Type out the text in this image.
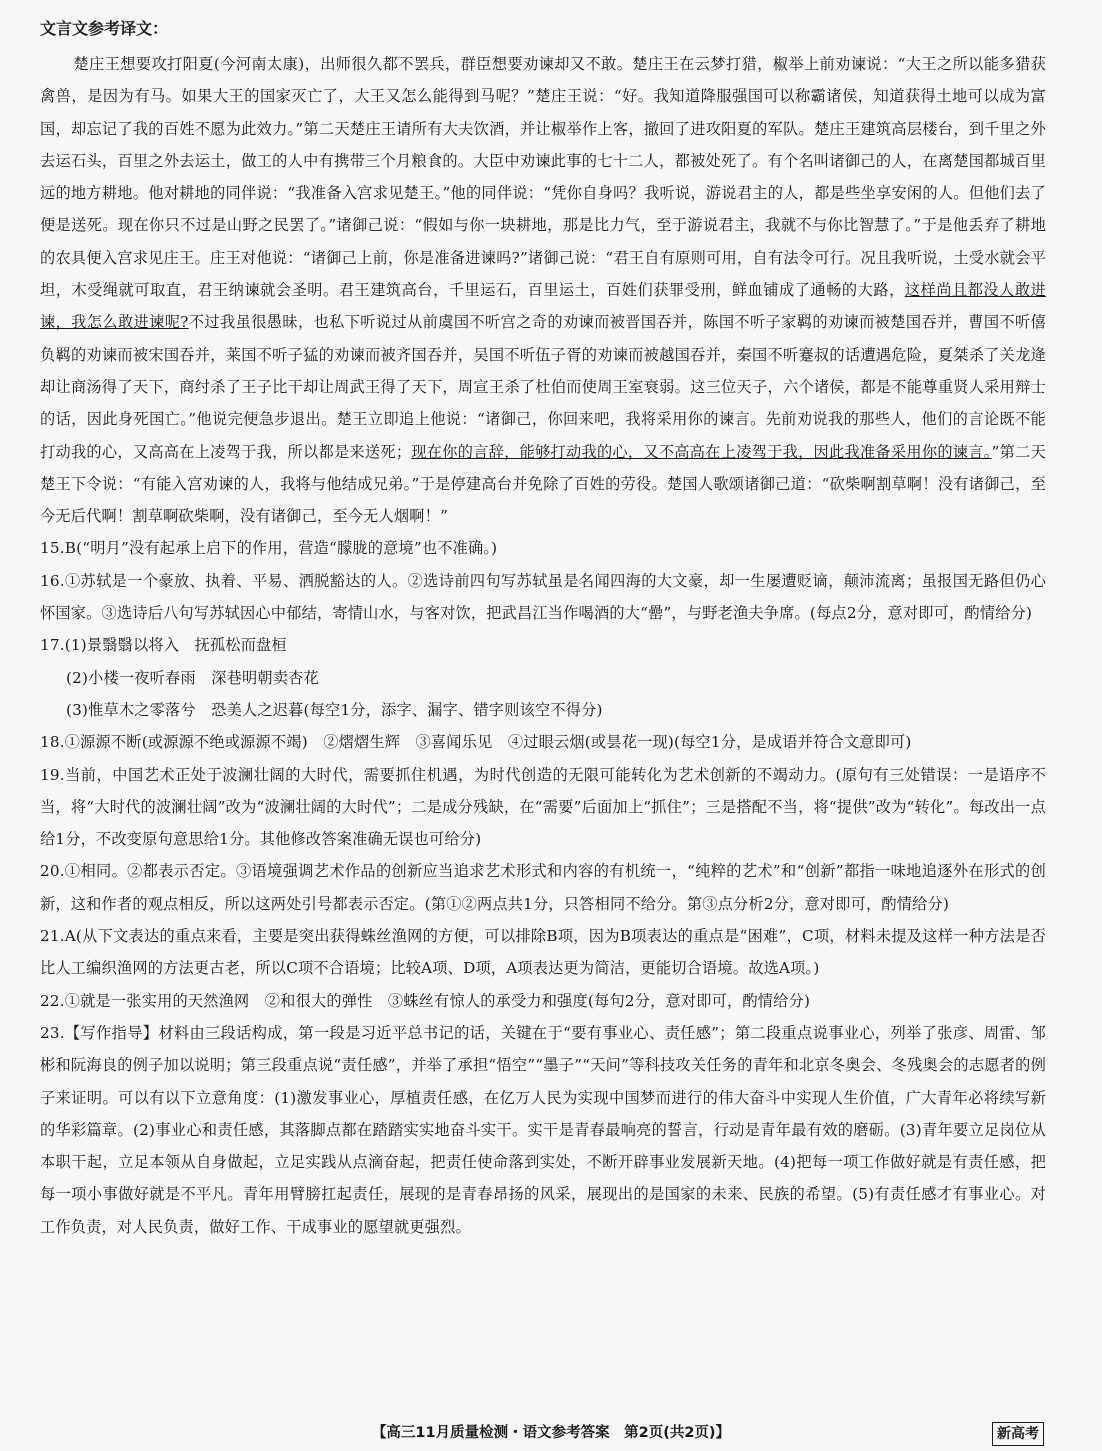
文言文参考译文：

楚庄王想要攻打阳夏(今河南太康)，出师很久都不罢兵，群臣想要劝谏却又不敢。楚庄王在云梦打猎，椒举上前劝谏说：“大王之所以能多猎获禽兽，是因为有马。如果大王的国家灭亡了，大王又怎么能得到马呢？”楚庄王说：“好。我知道降服强国可以称霸诸侯，知道获得土地可以成为富国，却忘记了我的百姓不愿为此效力。”第二天楚庄王请所有大夫饮酒，并让椒举作上客，撤回了进攻阳夏的军队。楚庄王建筑高层楼台，到千里之外去运石头，百里之外去运土，做工的人中有携带三个月粮食的。大臣中劝谏此事的七十二人，都被处死了。有个名叫诸御己的人，在离楚国都城百里远的地方耕地。他对耕地的同伴说：“我准备入宫求见楚王。”他的同伴说：“凭你自身吗？我听说，游说君主的人，都是些坐享安闲的人。但他们去了便是送死。现在你只不过是山野之民罢了。”诸御己说：“假如与你一块耕地，那是比力气，至于游说君主，我就不与你比智慧了。”于是他丢弃了耕地的农具便入宫求见庄王。庄王对他说：“诸御己上前，你是准备进谏吗?”诸御己说：“君王自有原则可用，自有法令可行。况且我听说，土受水就会平坦，木受绳就可取直，君王纳谏就会圣明。君王建筑高台，千里运石，百里运土，百姓们获罪受刑，鲜血铺成了通畅的大路，这样尚且都没人敢进谏，我怎么敢进谏呢?不过我虽很愚昧，也私下听说过从前虞国不听宫之奇的劝谏而被晋国吞并，陈国不听子家羁的劝谏而被楚国吞并，曹国不听僖负羁的劝谏而被宋国吞并，莱国不听子猛的劝谏而被齐国吞并，吴国不听伍子胥的劝谏而被越国吞并，秦国不听蹇叔的话遭遇危险，夏桀杀了关龙逄却让商汤得了天下，商纣杀了王子比干却让周武王得了天下，周宣王杀了杜伯而使周王室衰弱。这三位天子，六个诸侯，都是不能尊重贤人采用辩士的话，因此身死国亡。”他说完便急步退出。楚王立即追上他说：“诸御己，你回来吧，我将采用你的谏言。先前劝说我的那些人，他们的言论既不能打动我的心，又高高在上凌驾于我，所以都是来送死；现在你的言辞，能够打动我的心，又不高高在上凌驾于我，因此我准备采用你的谏言。”第二天楚王下令说：“有能入宫劝谏的人，我将与他结成兄弟。”于是停建高台并免除了百姓的劳役。楚国人歌颂诸御己道：“砍柴啊割草啊！没有诸御己，至今无后代啊！割草啊砍柴啊，没有诸御己，至今无人烟啊！”

15.B(“明月”没有起承上启下的作用，营造“朦胧的意境”也不准确。)

16.①苏轼是一个豪放、执着、平易、洒脱豁达的人。②选诗前四句写苏轼虽是名闻四海的大文豪，却一生屡遭贬谪，颠沛流离；虽报国无路但仍心怀国家。③选诗后八句写苏轼因心中郁结，寄情山水，与客对饮，把武昌江当作喝酒的大“罍”，与野老渔夫争席。(每点2分，意对即可，酌情给分)

17.(1)景翳翳以将入　抚孤松而盘桓

(2)小楼一夜听春雨　深巷明朝卖杏花

(3)惟草木之零落兮　恐美人之迟暮(每空1分，添字、漏字、错字则该空不得分)

18.①源源不断(或源源不绝或源源不竭)　②熠熠生辉　③喜闻乐见　④过眼云烟(或昙花一现)(每空1分，是成语并符合文意即可)

19.当前，中国艺术正处于波澜壮阔的大时代，需要抓住机遇，为时代创造的无限可能转化为艺术创新的不竭动力。(原句有三处错误：一是语序不当，将“大时代的波澜壮阔”改为“波澜壮阔的大时代”；二是成分残缺，在“需要”后面加上“抓住”；三是搭配不当，将“提供”改为“转化”。每改出一点给1分，不改变原句意思给1分。其他修改答案准确无误也可给分)

20.①相同。②都表示否定。③语境强调艺术作品的创新应当追求艺术形式和内容的有机统一，“纯粹的艺术”和“创新”都指一味地追逐外在形式的创新，这和作者的观点相反，所以这两处引号都表示否定。(第①②两点共1分，只答相同不给分。第③点分析2分，意对即可，酌情给分)

21.A(从下文表达的重点来看，主要是突出获得蛛丝渔网的方便，可以排除B项，因为B项表达的重点是“困难”，C项，材料未提及这样一种方法是否比人工编织渔网的方法更古老，所以C项不合语境；比较A项、D项，A项表达更为简洁，更能切合语境。故选A项。)

22.①就是一张实用的天然渔网　②和很大的弹性　③蛛丝有惊人的承受力和强度(每句2分，意对即可，酌情给分)

23.【写作指导】材料由三段话构成，第一段是习近平总书记的话，关键在于“要有事业心、责任感”；第二段重点说事业心，列举了张彦、周雷、邹彬和阮海良的例子加以说明；第三段重点说“责任感”，并举了承担“悟空”“墨子”“天问”等科技攻关任务的青年和北京冬奥会、冬残奥会的志愿者的例子来证明。可以有以下立意角度：(1)激发事业心，厚植责任感，在亿万人民为实现中国梦而进行的伟大奋斗中实现人生价值，广大青年必将续写新的华彩篇章。(2)事业心和责任感，其落脚点都在踏踏实实地奋斗实干。实干是青春最响亮的誓言，行动是青年最有效的磨砺。(3)青年要立足岗位从本职干起，立足本领从自身做起，立足实践从点滴奋起，把责任使命落到实处，不断开辟事业发展新天地。(4)把每一项工作做好就是有责任感，把每一项小事做好就是不平凡。青年用臂膀扛起责任，展现的是青春昂扬的风采，展现出的是国家的未来、民族的希望。(5)有责任感才有事业心。对工作负责，对人民负责，做好工作、干成事业的愿望就更强烈。

【高三11月质量检测・语文参考答案　第2页(共2页)】	新高考
